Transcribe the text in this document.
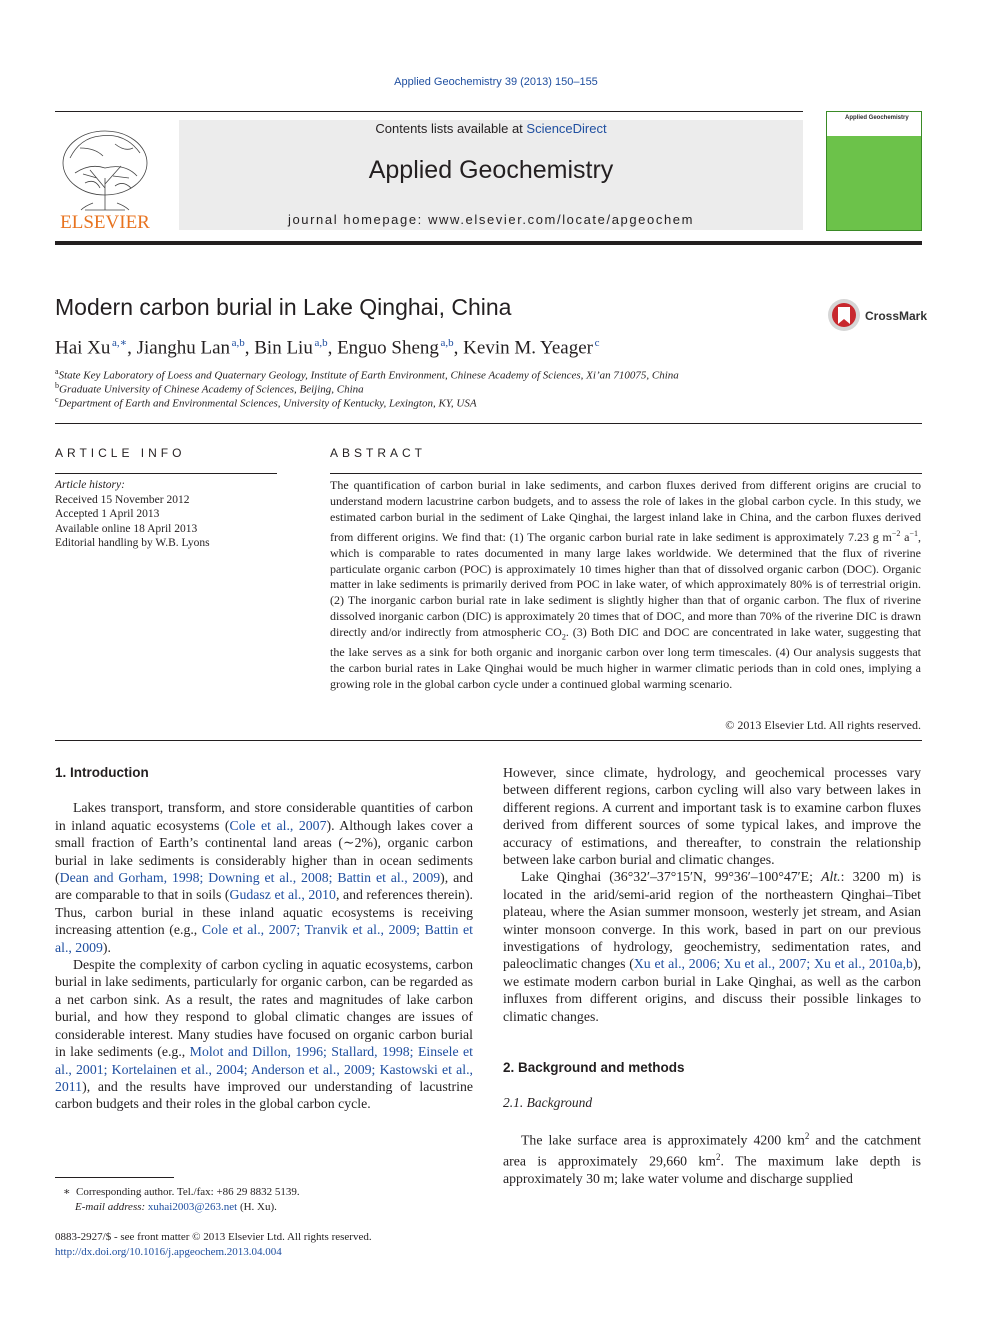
Applied Geochemistry 39 (2013) 150–155
ELSEVIER
Contents lists available at ScienceDirect
Applied Geochemistry
journal homepage: www.elsevier.com/locate/apgeochem
Applied Geochemistry
Modern carbon burial in Lake Qinghai, China	CrossMark
Hai Xu  $^{a,∗}$, Jianghu Lan  $^{a,b}$, Bin Liu  $^{a,b}$, Enguo Sheng  $^{a,b}$, Kevin M. Yeager  $^c$
$^a$State Key Laboratory of Loess and Quaternary Geology, Institute of Earth Environment, Chinese Academy of Sciences, Xi’an 710075, China
$^b$Graduate University of Chinese Academy of Sciences, Beijing, China
$^c$Department of Earth and Environmental Sciences, University of Kentucky, Lexington, KY, USA
ARTICLE INFO
Article history:
Received 15 November 2012
Accepted 1 April 2013
Available online 18 April 2013
Editorial handling by W.B. Lyons
ABSTRACT
The quantification of carbon burial in lake sediments, and carbon fluxes derived from different origins are crucial to understand modern lacustrine carbon budgets, and to assess the role of lakes in the global carbon cycle. In this study, we estimated carbon burial in the sediment of Lake Qinghai, the largest inland lake in China, and the carbon fluxes derived from different origins. We find that: (1) The organic carbon burial rate in lake sediment is approximately 7.23 g $m^{-2}$ $a^{-1}$, which is comparable to rates documented in many large lakes worldwide. We determined that the flux of riverine particulate organic carbon (POC) is approximately 10 times higher than that of dissolved organic carbon (DOC). Organic matter in lake sediments is primarily derived from POC in lake water, of which approximately 80% is of terrestrial origin. (2) The inorganic carbon burial rate in lake sediment is slightly higher than that of organic carbon. The flux of riverine dissolved inorganic carbon (DIC) is approximately 20 times that of DOC, and more than 70% of the riverine DIC is drawn directly and/or indirectly from atmospheric $CO_2$. (3) Both DIC and DOC are concentrated in lake water, suggesting that the lake serves as a sink for both organic and inorganic carbon over long term timescales. (4) Our analysis suggests that the carbon burial rates in Lake Qinghai would be much higher in warmer climatic periods than in cold ones, implying a growing role in the global carbon cycle under a continued global warming scenario.
© 2013 Elsevier Ltd. All rights reserved.
1. Introduction

Lakes transport, transform, and store considerable quantities of carbon in inland aquatic ecosystems (Cole et al., 2007). Although lakes cover a small fraction of Earth’s continental land areas (∼2%), organic carbon burial in lake sediments is considerably higher than in ocean sediments (Dean and Gorham, 1998; Downing et al., 2008; Battin et al., 2009), and are comparable to that in soils (Gudasz et al., 2010, and references therein). Thus, carbon burial in these inland aquatic ecosystems is receiving increasing attention (e.g., Cole et al., 2007; Tranvik et al., 2009; Battin et al., 2009).

Despite the complexity of carbon cycling in aquatic ecosystems, carbon burial in lake sediments, particularly for organic carbon, can be regarded as a net carbon sink. As a result, the rates and magnitudes of lake carbon burial, and how they respond to global climatic changes are issues of considerable interest. Many studies have focused on organic carbon burial in lake sediments (e.g., Molot and Dillon, 1996; Stallard, 1998; Einsele et al., 2001; Kortelainen et al., 2004; Anderson et al., 2009; Kastowski et al., 2011), and the results have improved our understanding of lacustrine carbon budgets and their roles in the global carbon cycle.

∗ Corresponding author. Tel./fax: +86 29 8832 5139.
E-mail address: xuhai2003@263.net (H. Xu).
0883-2927/$ - see front matter © 2013 Elsevier Ltd. All rights reserved.
http://dx.doi.org/10.1016/j.apgeochem.2013.04.004

However, since climate, hydrology, and geochemical processes vary between different regions, carbon cycling will also vary between lakes in different regions. A current and important task is to examine carbon fluxes derived from different sources of some typical lakes, and improve the accuracy of estimations, and thereafter, to constrain the relationship between lake carbon burial and climatic changes.

Lake Qinghai (36°32′–37°15′N, 99°36′–100°47′E; Alt.: 3200 m) is located in the arid/semi-arid region of the northeastern Qinghai–Tibet plateau, where the Asian summer monsoon, westerly jet stream, and Asian winter monsoon converge. In this work, based in part on our previous investigations of hydrology, geochemistry, sedimentation rates, and paleoclimatic changes (Xu et al., 2006; Xu et al., 2007; Xu et al., 2010a,b), we estimate modern carbon burial in Lake Qinghai, as well as the carbon influxes from different origins, and discuss their possible linkages to climatic changes.

2. Background and methods
2.1. Background

The lake surface area is approximately 4200 $km^2$ and the catchment area is approximately 29,660 $km^2$. The maximum lake depth is approximately 30 m; lake water volume and discharge supplied
